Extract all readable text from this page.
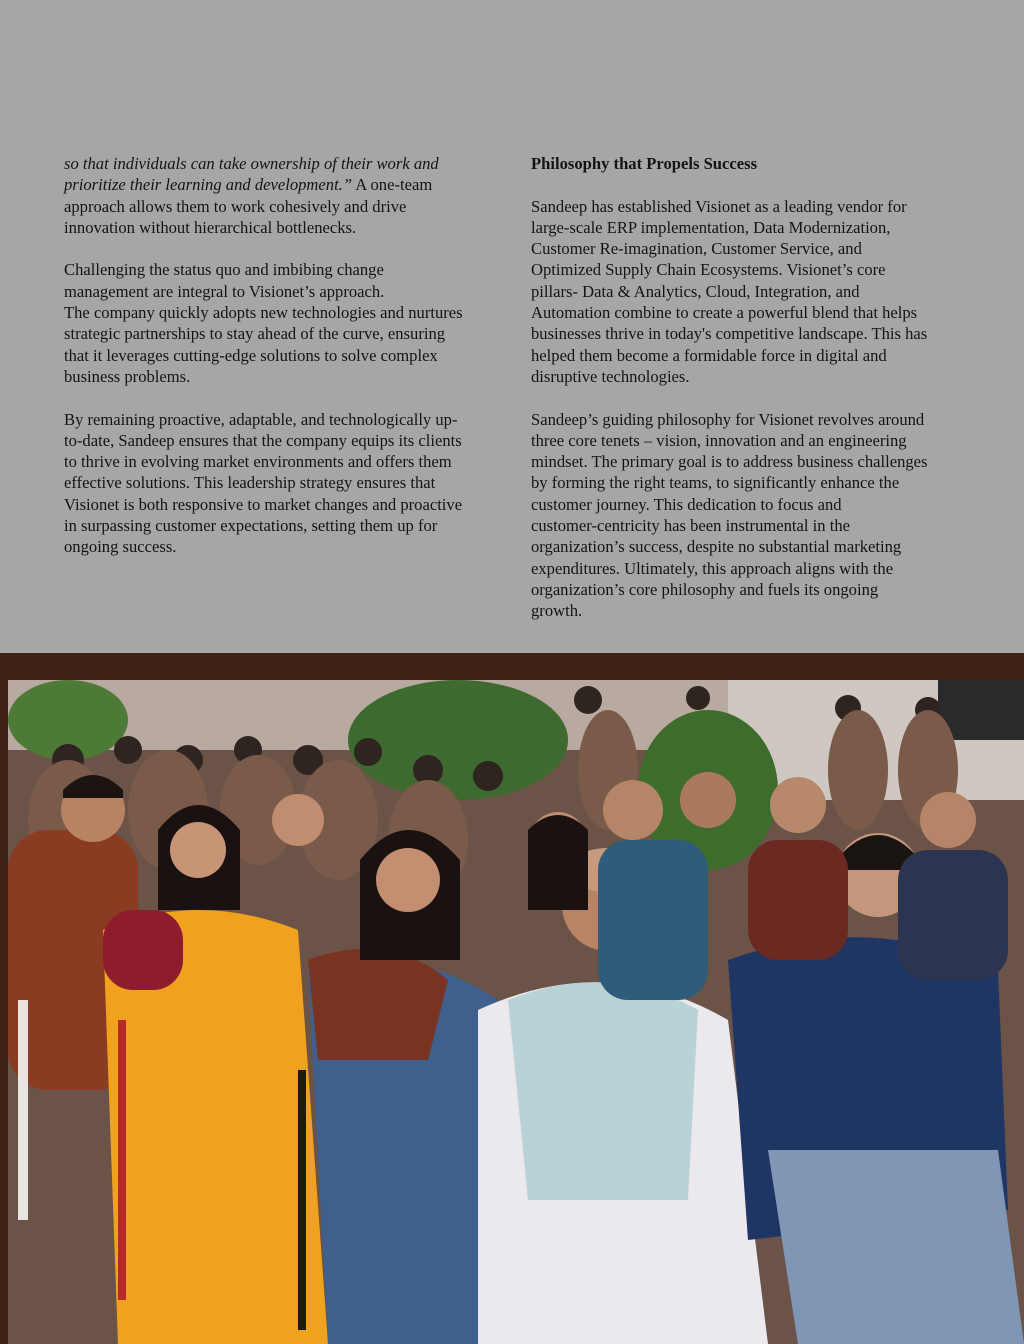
so that individuals can take ownership of their work and
prioritize their learning and development.” A one-team
approach allows them to work cohesively and drive
innovation without hierarchical bottlenecks.

Challenging the status quo and imbibing change
management are integral to Visionet’s approach.
The company quickly adopts new technologies and nurtures
strategic partnerships to stay ahead of the curve, ensuring
that it leverages cutting-edge solutions to solve complex
business problems.

By remaining proactive, adaptable, and technologically up-
to-date, Sandeep ensures that the company equips its clients
to thrive in evolving market environments and offers them
effective solutions. This leadership strategy ensures that
Visionet is both responsive to market changes and proactive
in surpassing customer expectations, setting them up for
ongoing success.

Philosophy that Propels Success

Sandeep has established Visionet as a leading vendor for
large-scale ERP implementation, Data Modernization,
Customer Re-imagination, Customer Service, and
Optimized Supply Chain Ecosystems. Visionet’s core
pillars- Data & Analytics, Cloud, Integration, and
Automation combine to create a powerful blend that helps
businesses thrive in today's competitive landscape. This has
helped them become a formidable force in digital and
disruptive technologies.

Sandeep’s guiding philosophy for Visionet revolves around
three core tenets – vision, innovation and an engineering
mindset. The primary goal is to address business challenges
by forming the right teams, to significantly enhance the
customer journey. This dedication to focus and
customer-centricity has been instrumental in the
organization’s success, despite no substantial marketing
expenditures. Ultimately, this approach aligns with the
organization’s core philosophy and fuels its ongoing
growth.
